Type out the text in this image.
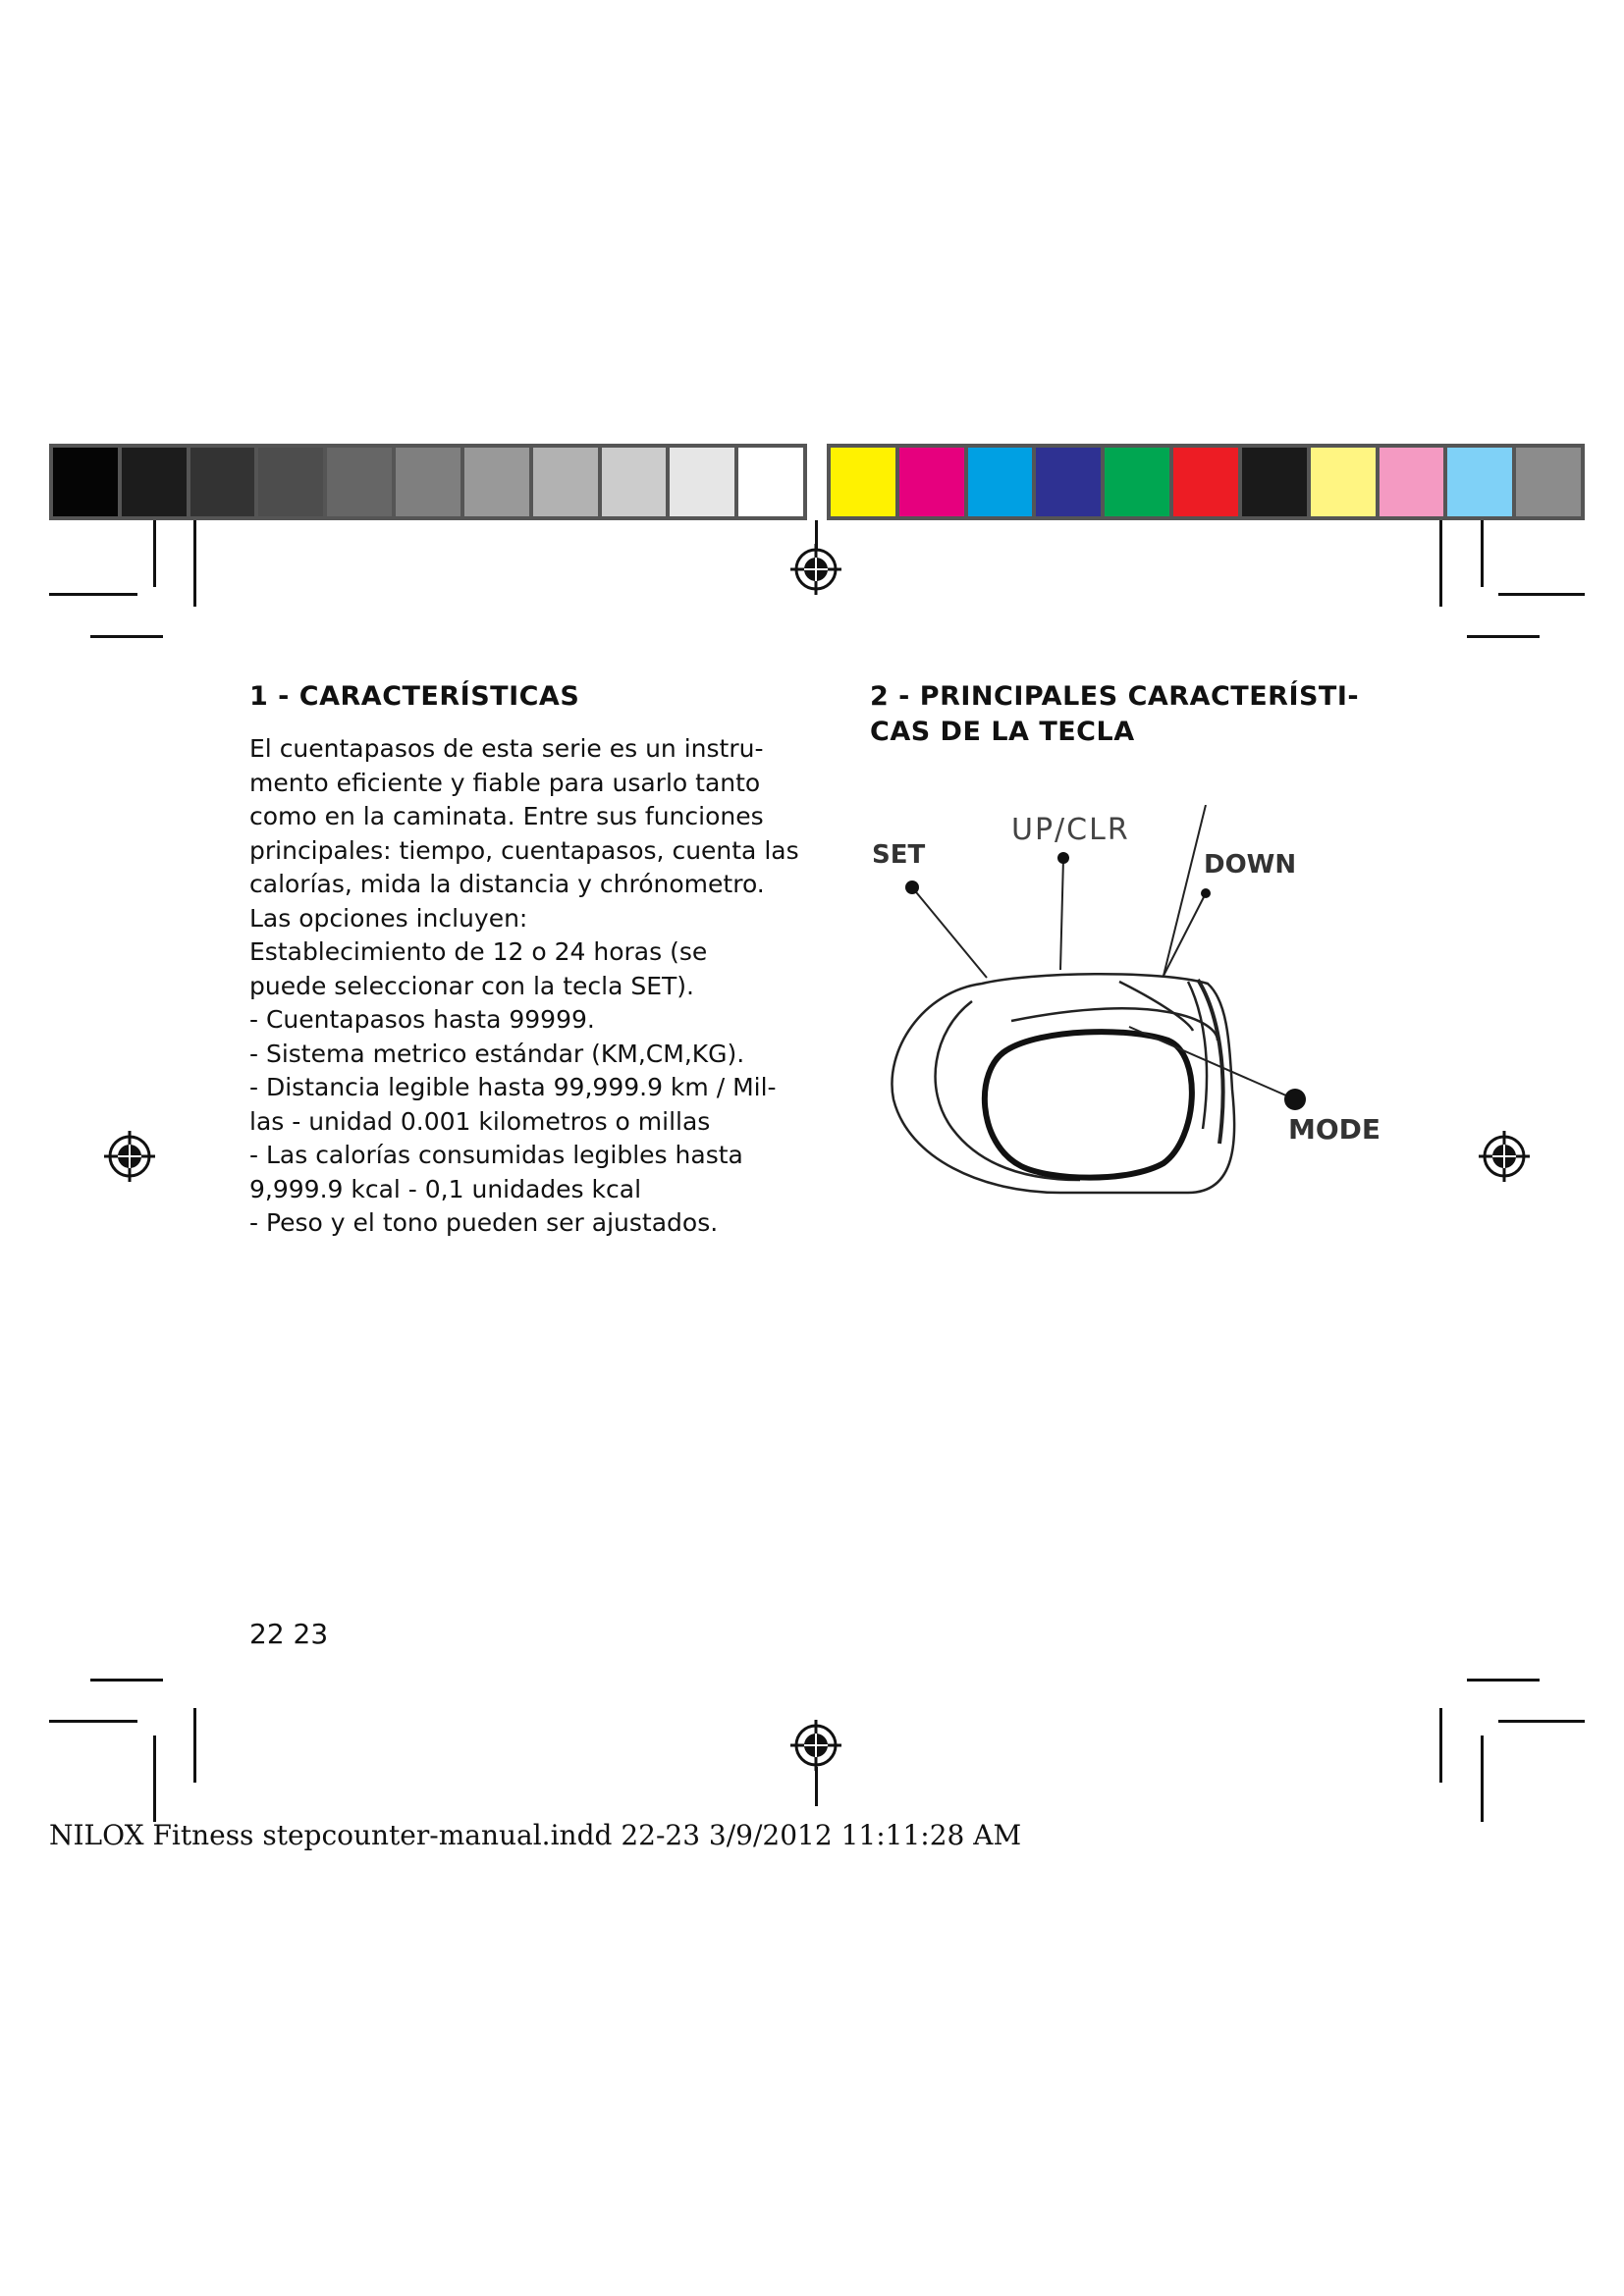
1 - CARACTERÍSTICAS
El cuentapasos de esta serie es un instru-
mento eficiente y fiable para usarlo tanto
como en la caminata. Entre sus funciones
principales: tiempo, cuentapasos, cuenta las
calorías, mida la distancia y chrónometro.
Las opciones incluyen:
Establecimiento de 12 o 24 horas (se
puede seleccionar con la tecla SET).
- Cuentapasos hasta 99999.
- Sistema metrico estándar (KM,CM,KG).
- Distancia legible hasta 99,999.9 km / Mil-
las - unidad 0.001 kilometros o millas
- Las calorías consumidas legibles hasta
9,999.9 kcal - 0,1 unidades kcal
- Peso y el tono pueden ser ajustados.
2 - PRINCIPALES CARACTERÍSTI-
CAS DE LA TECLA
SET
UP/CLR
DOWN
MODE
22 23
NILOX Fitness stepcounter-manual.indd 22-23 3/9/2012 11:11:28 AM
